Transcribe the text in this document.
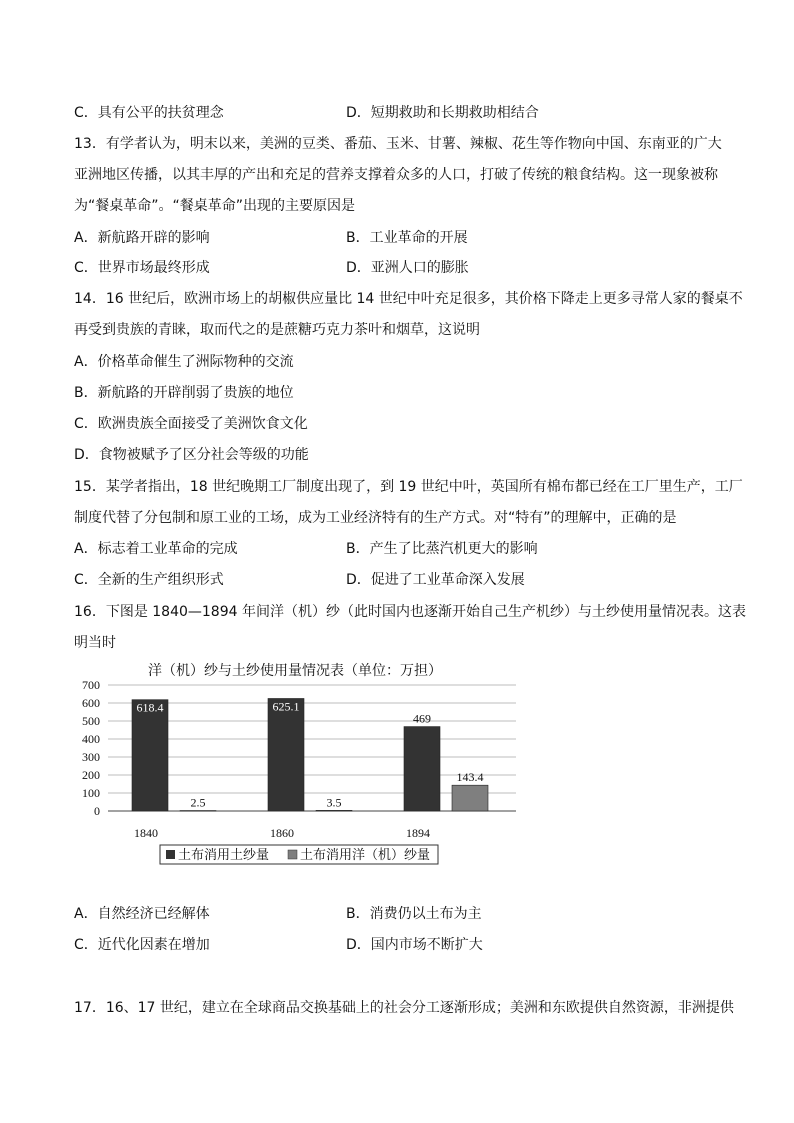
C．具有公平的扶贫理念	D．短期救助和长期救助相结合
13．有学者认为，明末以来，美洲的豆类、番茄、玉米、甘薯、辣椒、花生等作物向中国、东南亚的广大
亚洲地区传播，以其丰厚的产出和充足的营养支撑着众多的人口，打破了传统的粮食结构。这一现象被称
为“餐桌革命”。“餐桌革命”出现的主要原因是
A．新航路开辟的影响	B．工业革命的开展
C．世界市场最终形成	D．亚洲人口的膨胀
14．16 世纪后，欧洲市场上的胡椒供应量比 14 世纪中叶充足很多，其价格下降走上更多寻常人家的餐桌不
再受到贵族的青睐，取而代之的是蔗糖巧克力茶叶和烟草，这说明
A．价格革命催生了洲际物种的交流
B．新航路的开辟削弱了贵族的地位
C．欧洲贵族全面接受了美洲饮食文化
D．食物被赋予了区分社会等级的功能
15．某学者指出，18 世纪晚期工厂制度出现了，到 19 世纪中叶，英国所有棉布都已经在工厂里生产，工厂
制度代替了分包制和原工业的工场，成为工业经济特有的生产方式。对“特有”的理解中，正确的是
A．标志着工业革命的完成	B．产生了比蒸汽机更大的影响
C．全新的生产组织形式	D．促进了工业革命深入发展
16．下图是 1840—1894 年间洋（机）纱（此时国内也逐渐开始自己生产机纱）与土纱使用量情况表。这表
明当时
洋（机）纱与土纱使用量情况表（单位：万担）
0
100
200
300
400
500
600
700
618.4
2.5
625.1
3.5
469
143.4
1840	1860	1894
土布消用土纱量 土布消用洋（机）纱量
A．自然经济已经解体	B．消费仍以土布为主
C．近代化因素在增加	D．国内市场不断扩大
17．16、17 世纪，建立在全球商品交换基础上的社会分工逐渐形成；美洲和东欧提供自然资源，非洲提供
